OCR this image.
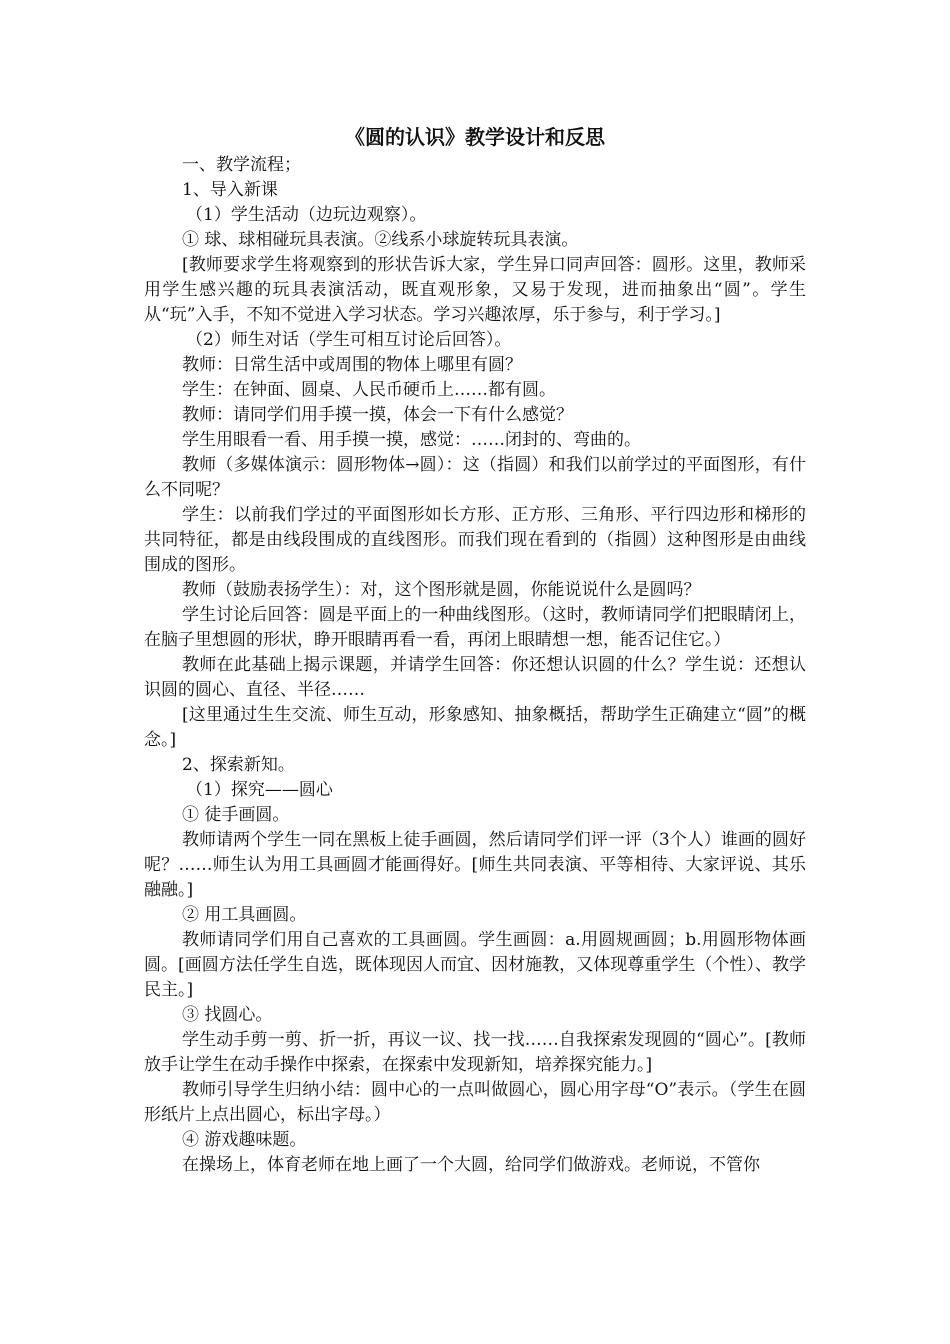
《圆的认识》教学设计和反思

一、教学流程；

1、导入新课

（1）学生活动（边玩边观察）。

① 球、球相碰玩具表演。②线系小球旋转玩具表演。

[教师要求学生将观察到的形状告诉大家，学生异口同声回答：圆形。这里，教师采用学生感兴趣的玩具表演活动，既直观形象，又易于发现，进而抽象出“圆”。学生从“玩”入手，不知不觉进入学习状态。学习兴趣浓厚，乐于参与，利于学习。]

（2）师生对话（学生可相互讨论后回答）。

教师：日常生活中或周围的物体上哪里有圆？

学生：在钟面、圆桌、人民币硬币上……都有圆。

教师：请同学们用手摸一摸，体会一下有什么感觉？

学生用眼看一看、用手摸一摸，感觉：……闭封的、弯曲的。

教师（多媒体演示：圆形物体→圆）：这（指圆）和我们以前学过的平面图形，有什么不同呢？

学生：以前我们学过的平面图形如长方形、正方形、三角形、平行四边形和梯形的共同特征，都是由线段围成的直线图形。而我们现在看到的（指圆）这种图形是由曲线围成的图形。

教师（鼓励表扬学生）：对，这个图形就是圆，你能说说什么是圆吗？

学生讨论后回答：圆是平面上的一种曲线图形。（这时，教师请同学们把眼睛闭上，在脑子里想圆的形状，睁开眼睛再看一看，再闭上眼睛想一想，能否记住它。）

教师在此基础上揭示课题，并请学生回答：你还想认识圆的什么？学生说：还想认识圆的圆心、直径、半径……

[这里通过生生交流、师生互动，形象感知、抽象概括，帮助学生正确建立“圆”的概念。]

2、探索新知。

（1）探究——圆心

① 徒手画圆。

教师请两个学生一同在黑板上徒手画圆，然后请同学们评一评（3个人）谁画的圆好呢？……师生认为用工具画圆才能画得好。[师生共同表演、平等相待、大家评说、其乐融融。]

② 用工具画圆。

教师请同学们用自己喜欢的工具画圆。学生画圆：a.用圆规画圆；b.用圆形物体画圆。[画圆方法任学生自选，既体现因人而宜、因材施教，又体现尊重学生（个性）、教学民主。]

③ 找圆心。

学生动手剪一剪、折一折，再议一议、找一找……自我探索发现圆的“圆心”。[教师放手让学生在动手操作中探索，在探索中发现新知，培养探究能力。]

教师引导学生归纳小结：圆中心的一点叫做圆心，圆心用字母“O”表示。（学生在圆形纸片上点出圆心，标出字母。）

④ 游戏趣味题。

在操场上，体育老师在地上画了一个大圆，给同学们做游戏。老师说，不管你
